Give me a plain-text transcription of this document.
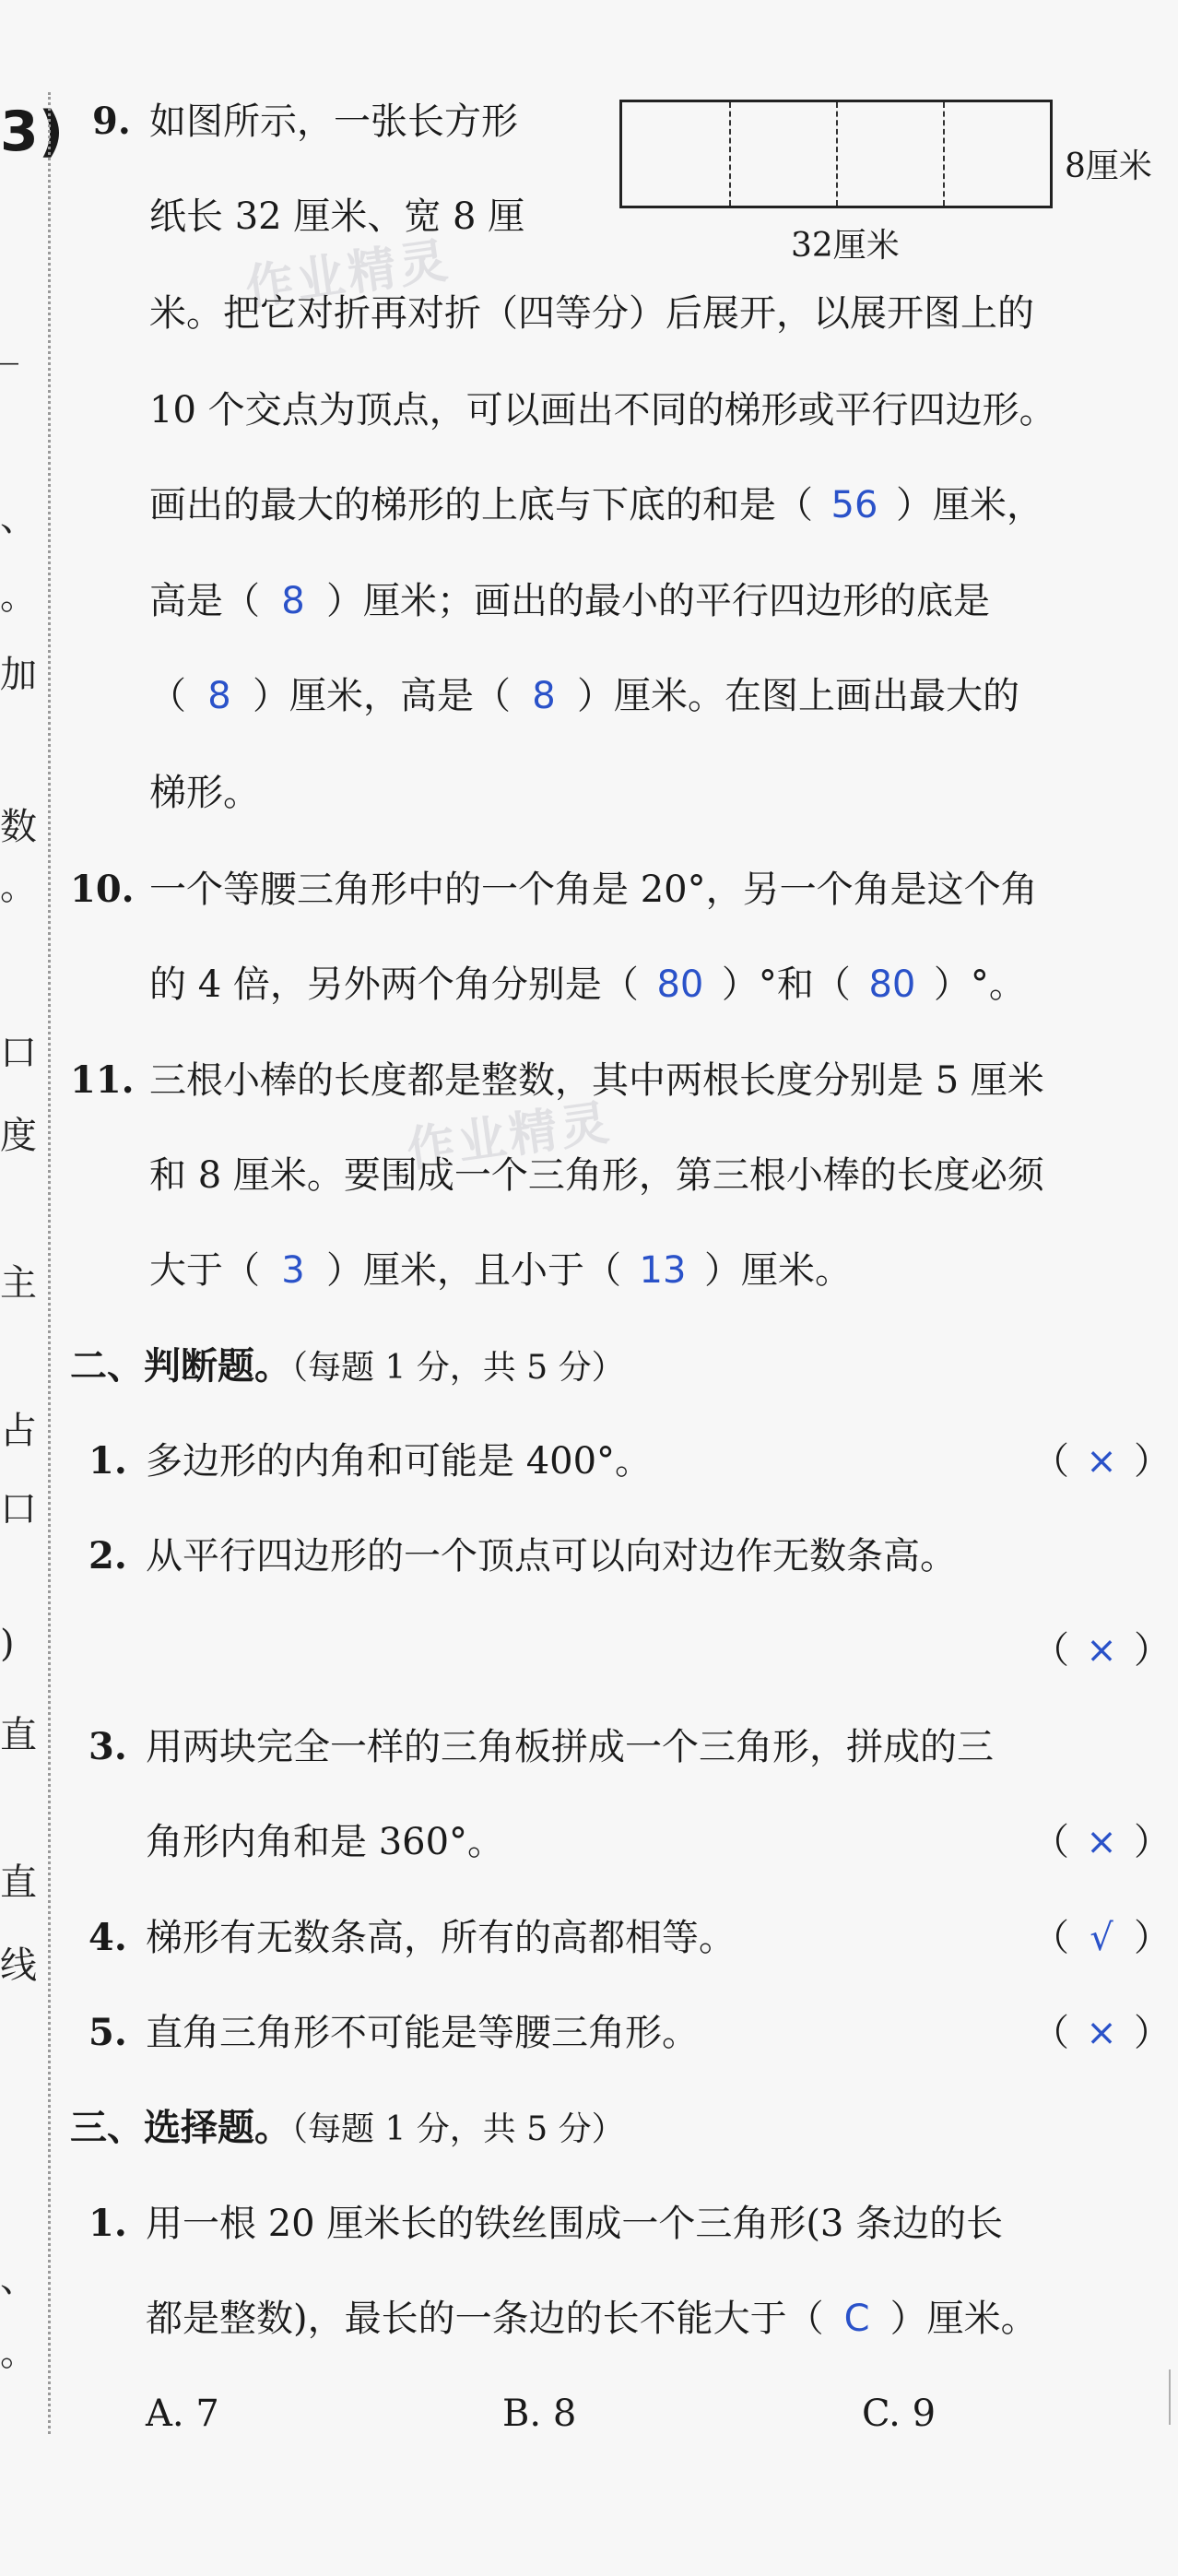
3)
_
、
。
加
数
。
口
度
主
占
口
)
直
直
线
、
。
作业精灵
作业精灵
8厘米
32厘米
9. 如图所示，一张长方形
纸长 32 厘米、宽 8 厘
米。把它对折再对折（四等分）后展开，以展开图上的
10 个交点为顶点，可以画出不同的梯形或平行四边形。
画出的最大的梯形的上底与下底的和是（ 56 ）厘米，
高是（ 8 ）厘米；画出的最小的平行四边形的底是
（ 8 ）厘米，高是（ 8 ）厘米。在图上画出最大的
梯形。
10. 一个等腰三角形中的一个角是 20°，另一个角是这个角
的 4 倍，另外两个角分别是（ 80 ）°和（ 80 ）°。
11. 三根小棒的长度都是整数，其中两根长度分别是 5 厘米
和 8 厘米。要围成一个三角形，第三根小棒的长度必须
大于（ 3 ）厘米，且小于（ 13 ）厘米。
二、判断题。（每题 1 分，共 5 分）
1. 多边形的内角和可能是 400°。	（ × ）
2. 从平行四边形的一个顶点可以向对边作无数条高。
（ × ）
3. 用两块完全一样的三角板拼成一个三角形，拼成的三
角形内角和是 360°。	（ × ）
4. 梯形有无数条高，所有的高都相等。	（ √ ）
5. 直角三角形不可能是等腰三角形。	（ × ）
三、选择题。（每题 1 分，共 5 分）
1. 用一根 20 厘米长的铁丝围成一个三角形(3 条边的长
都是整数)，最长的一条边的长不能大于（ C ）厘米。
A. 7	B. 8	C. 9
